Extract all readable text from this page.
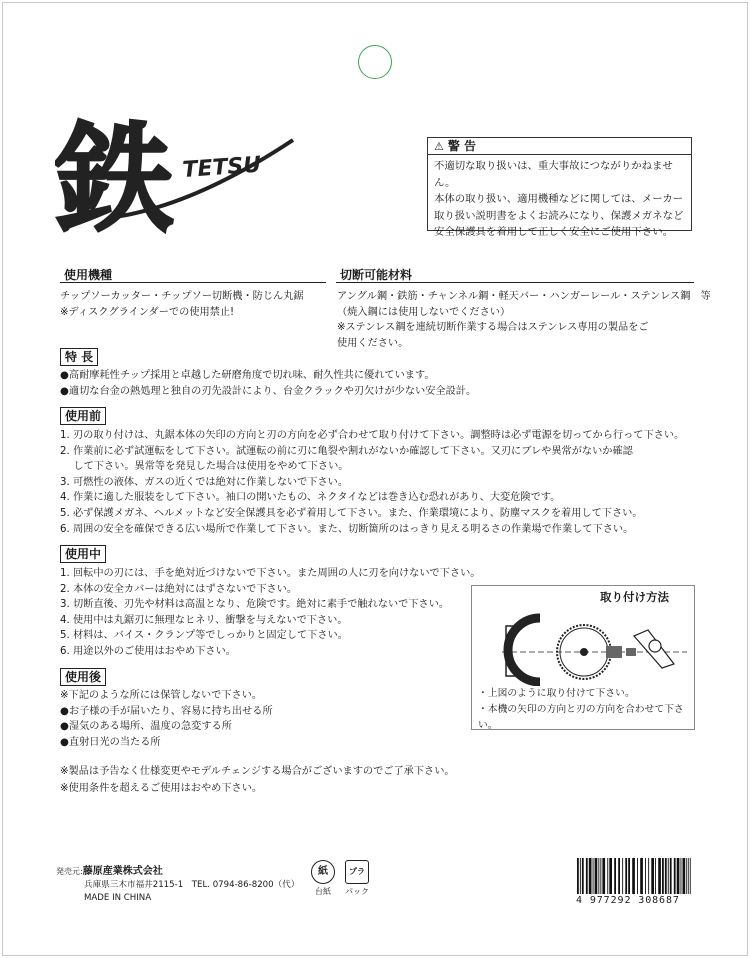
鉄 TETSU
⚠ 警 告
不適切な取り扱いは、重大事故につながりかねません。
本体の取り扱い、適用機種などに関しては、メーカー
取り扱い説明書をよくお読みになり、保護メガネなど
安全保護具を着用して正しく安全にご使用下さい。
使用機種
チップソーカッター・チップソー切断機・防じん丸鋸
※ディスクグラインダーでの使用禁止!
切断可能材料
アングル鋼・鉄筋・チャンネル鋼・軽天バー・ハンガーレール・ステンレス鋼　等
（焼入鋼には使用しないでください）
※ステンレス鋼を連続切断作業する場合はステンレス専用の製品をご
使用ください。
特 長
●高耐摩耗性チップ採用と卓越した研磨角度で切れ味、耐久性共に優れています。
●適切な台金の熱処理と独自の刃先設計により、台金クラックや刃欠けが少ない安全設計。
使用前
1. 刃の取り付けは、丸鋸本体の矢印の方向と刃の方向を必ず合わせて取り付けて下さい。調整時は必ず電源を切ってから行って下さい。
2. 作業前に必ず試運転をして下さい。試運転の前に刃に亀裂や割れがないか確認して下さい。又刃にブレや異常がないか確認
　 して下さい。異常等を発見した場合は使用をやめて下さい。
3. 可燃性の液体、ガスの近くでは絶対に作業しないで下さい。
4. 作業に適した服装をして下さい。袖口の開いたもの、ネクタイなどは巻き込む恐れがあり、大変危険です。
5. 必ず保護メガネ、ヘルメットなど安全保護具を必ず着用して下さい。また、作業環境により、防塵マスクを着用して下さい。
6. 周囲の安全を確保できる広い場所で作業して下さい。また、切断箇所のはっきり見える明るさの作業場で作業して下さい。
使用中
1. 回転中の刃には、手を絶対近づけないで下さい。また周囲の人に刃を向けないで下さい。
2. 本体の安全カバーは絶対にはずさないで下さい。
3. 切断直後、刃先や材料は高温となり、危険です。絶対に素手で触れないで下さい。
4. 使用中は丸鋸刃に無理なヒネリ、衝撃を与えないで下さい。
5. 材料は、バイス・クランプ等でしっかりと固定して下さい。
6. 用途以外のご使用はおやめ下さい。
取り付け方法
・上図のように取り付けて下さい。
・本機の矢印の方向と刃の方向を合わせて下さい。
使用後
※下記のような所には保管しないで下さい。
●お子様の手が届いたり、容易に持ち出せる所
●湿気のある場所、温度の急変する所
●直射日光の当たる所
※製品は予告なく仕様変更やモデルチェンジする場合がございますのでご了承下さい。
※使用条件を超えるご使用はおやめ下さい。
発売元:藤原産業株式会社
兵庫県三木市福井2115-1　TEL. 0794-86-8200（代）
MADE IN CHINA
紙
台紙
プラ
パック
4 977292 308687
